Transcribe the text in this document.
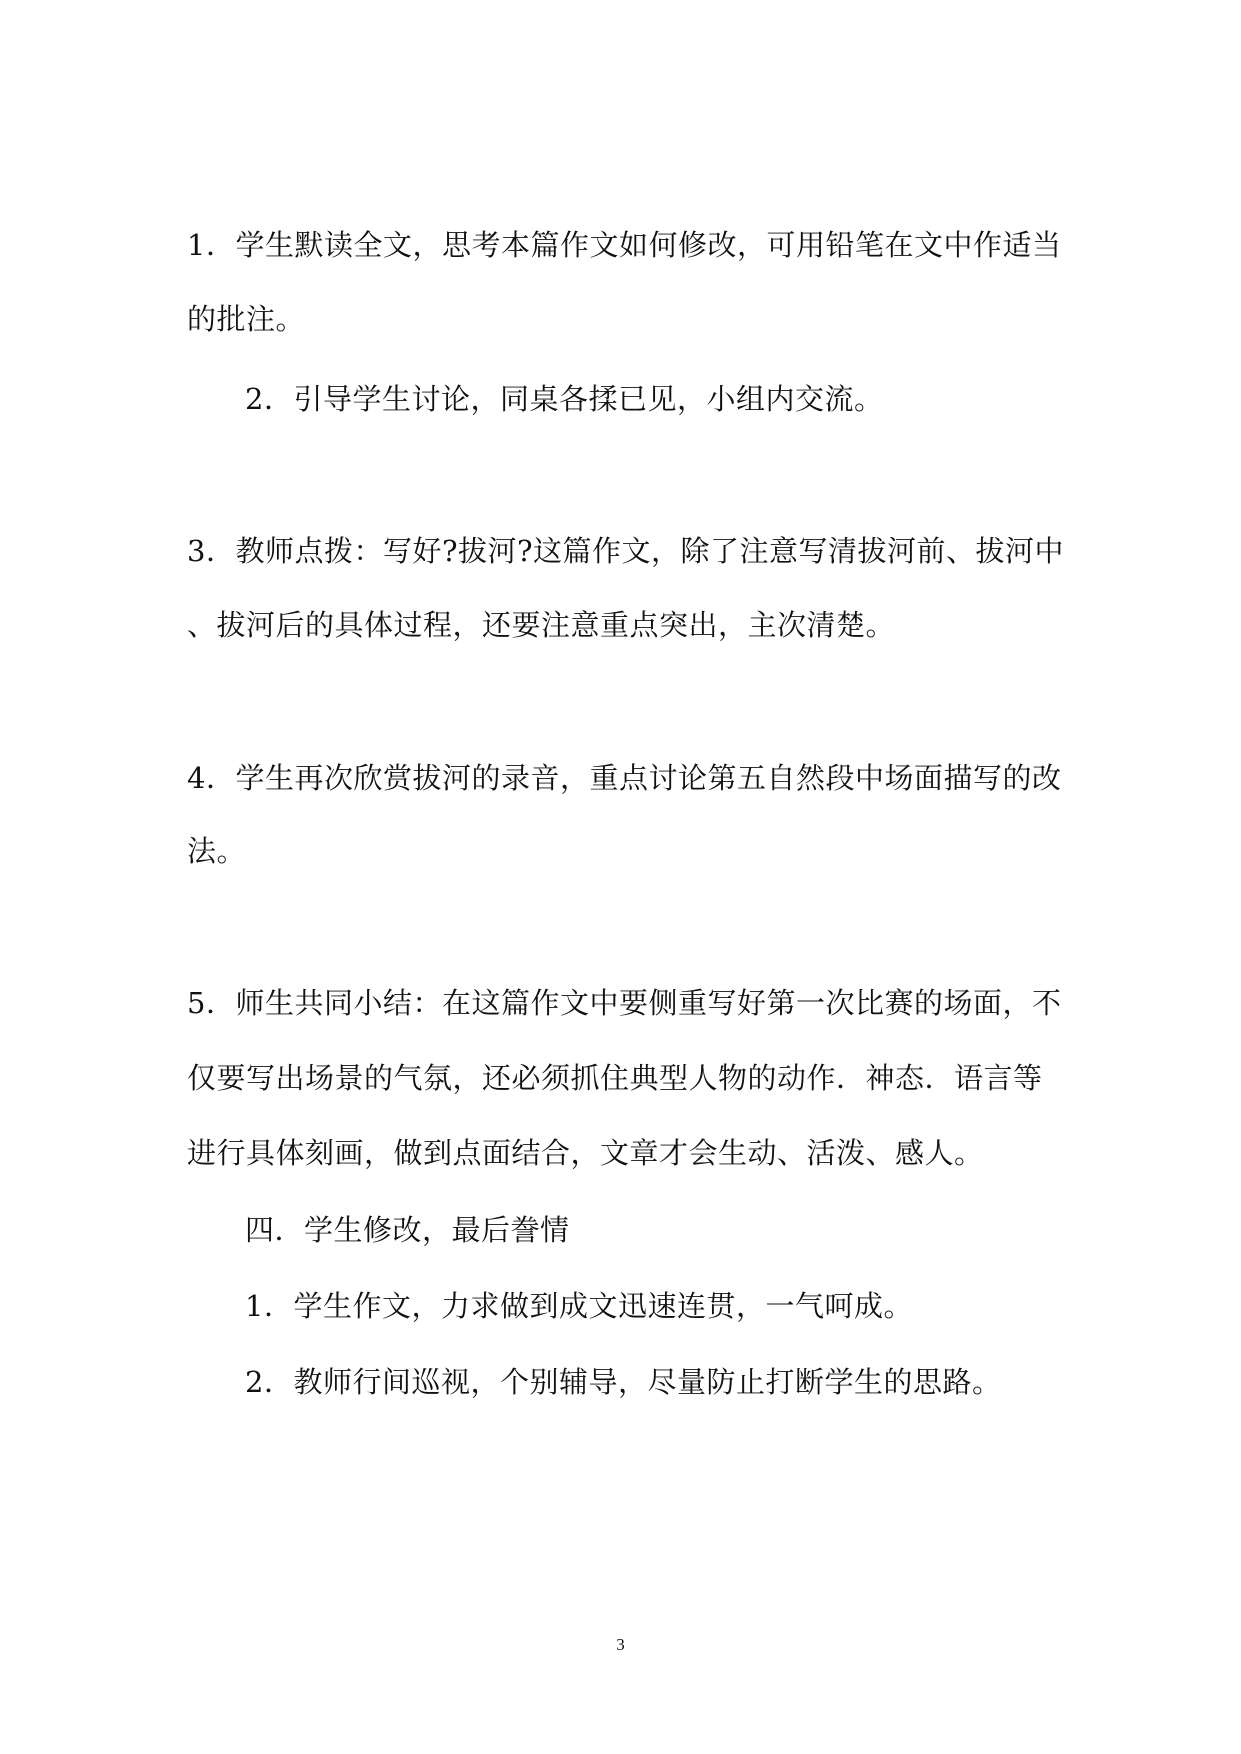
1．学生默读全文，思考本篇作文如何修改，可用铅笔在文中作适当
的批注。
2．引导学生讨论，同桌各揉已见，小组内交流。
3．教师点拨：写好?拔河?这篇作文，除了注意写清拔河前、拔河中
、拔河后的具体过程，还要注意重点突出，主次清楚。
4．学生再次欣赏拔河的录音，重点讨论第五自然段中场面描写的改
法。
5．师生共同小结：在这篇作文中要侧重写好第一次比赛的场面，不
仅要写出场景的气氛，还必须抓住典型人物的动作．神态．语言等
进行具体刻画，做到点面结合，文章才会生动、活泼、感人。
四．学生修改，最后誊情
1．学生作文，力求做到成文迅速连贯，一气呵成。
2．教师行间巡视，个别辅导，尽量防止打断学生的思路。
3
